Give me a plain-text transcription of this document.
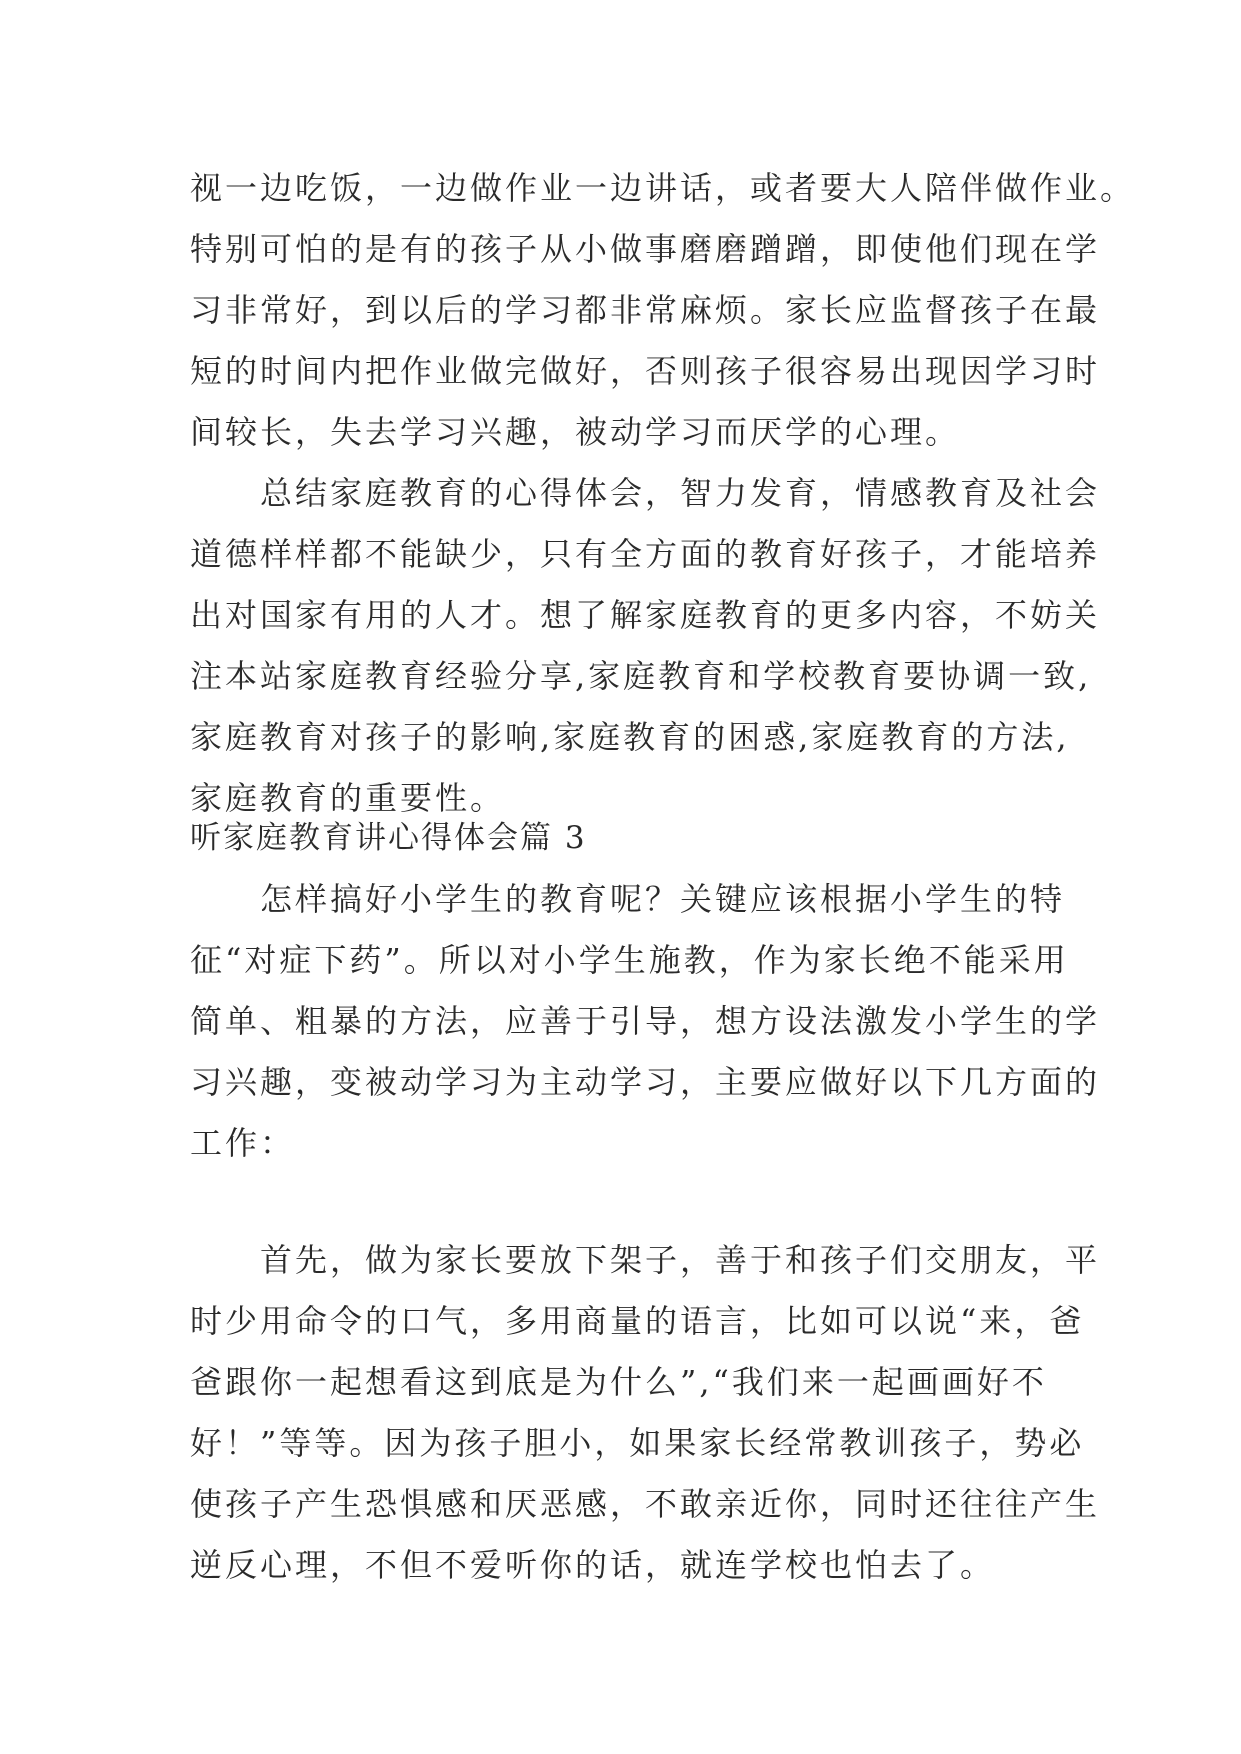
视一边吃饭，一边做作业一边讲话，或者要大人陪伴做作业。
特别可怕的是有的孩子从小做事磨磨蹭蹭，即使他们现在学
习非常好，到以后的学习都非常麻烦。家长应监督孩子在最
短的时间内把作业做完做好，否则孩子很容易出现因学习时
间较长，失去学习兴趣，被动学习而厌学的心理。
　　总结家庭教育的心得体会，智力发育，情感教育及社会
道德样样都不能缺少，只有全方面的教育好孩子，才能培养
出对国家有用的人才。想了解家庭教育的更多内容，不妨关
注本站家庭教育经验分享,家庭教育和学校教育要协调一致,
家庭教育对孩子的影响,家庭教育的困惑,家庭教育的方法,
家庭教育的重要性。
听家庭教育讲心得体会篇 3
　　怎样搞好小学生的教育呢？关键应该根据小学生的特
征“对症下药”。所以对小学生施教，作为家长绝不能采用
简单、粗暴的方法，应善于引导，想方设法激发小学生的学
习兴趣，变被动学习为主动学习，主要应做好以下几方面的
工作：
　　首先，做为家长要放下架子，善于和孩子们交朋友，平
时少用命令的口气，多用商量的语言，比如可以说“来，爸
爸跟你一起想看这到底是为什么”,“我们来一起画画好不
好！”等等。因为孩子胆小，如果家长经常教训孩子，势必
使孩子产生恐惧感和厌恶感，不敢亲近你，同时还往往产生
逆反心理，不但不爱听你的话，就连学校也怕去了。
